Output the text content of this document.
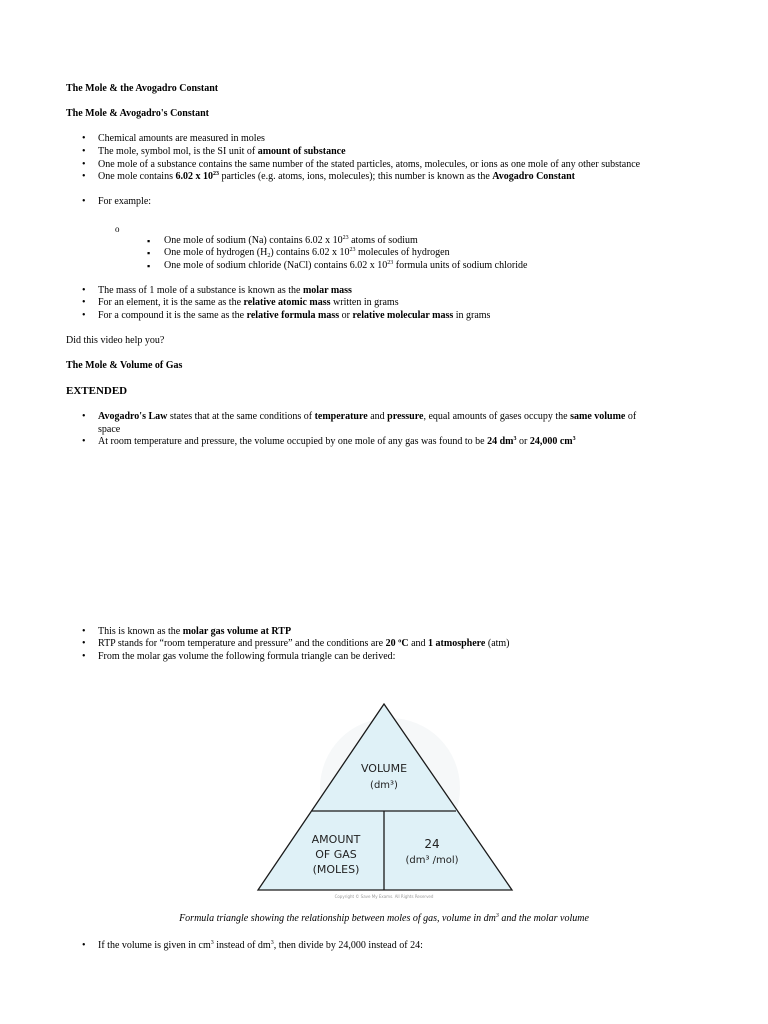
The Mole & the Avogadro Constant
The Mole & Avogadro's Constant
• Chemical amounts are measured in moles
• The mole, symbol mol, is the SI unit of amount of substance
• One mole of a substance contains the same number of the stated particles, atoms, molecules, or ions as one mole of any other substance
• One mole contains 6.02 x $10^{23}$ particles (e.g. atoms, ions, molecules); this number is known as the Avogadro Constant
• For example:
o
▪ One mole of sodium (Na) contains 6.02 x $10^{23}$ atoms of sodium
▪ One mole of hydrogen $(H_2)$ contains 6.02 x $10^{23}$ molecules of hydrogen
▪ One mole of sodium chloride (NaCl) contains 6.02 x $10^{23}$ formula units of sodium chloride
• The mass of 1 mole of a substance is known as the molar mass
• For an element, it is the same as the relative atomic mass written in grams
• For a compound it is the same as the relative formula mass or relative molecular mass in grams
Did this video help you?
The Mole & Volume of Gas
EXTENDED
• Avogadro's Law states that at the same conditions of temperature and pressure, equal amounts of gases occupy the same volume of
space
• At room temperature and pressure, the volume occupied by one mole of any gas was found to be 24 $dm^3$ or 24,000 $cm^3$
• This is known as the molar gas volume at RTP
• RTP stands for “room temperature and pressure” and the conditions are 20 ºC and 1 atmosphere (atm)
• From the molar gas volume the following formula triangle can be derived:
VOLUME
(dm³)
AMOUNT
OF GAS
(MOLES)
24
(dm³ /mol)
Copyright © Save My Exams. All Rights Reserved
Formula triangle showing the relationship between moles of gas, volume in $dm^3$ and the molar volume
• If the volume is given in $cm^3$ instead of $dm^3$, then divide by 24,000 instead of 24:
